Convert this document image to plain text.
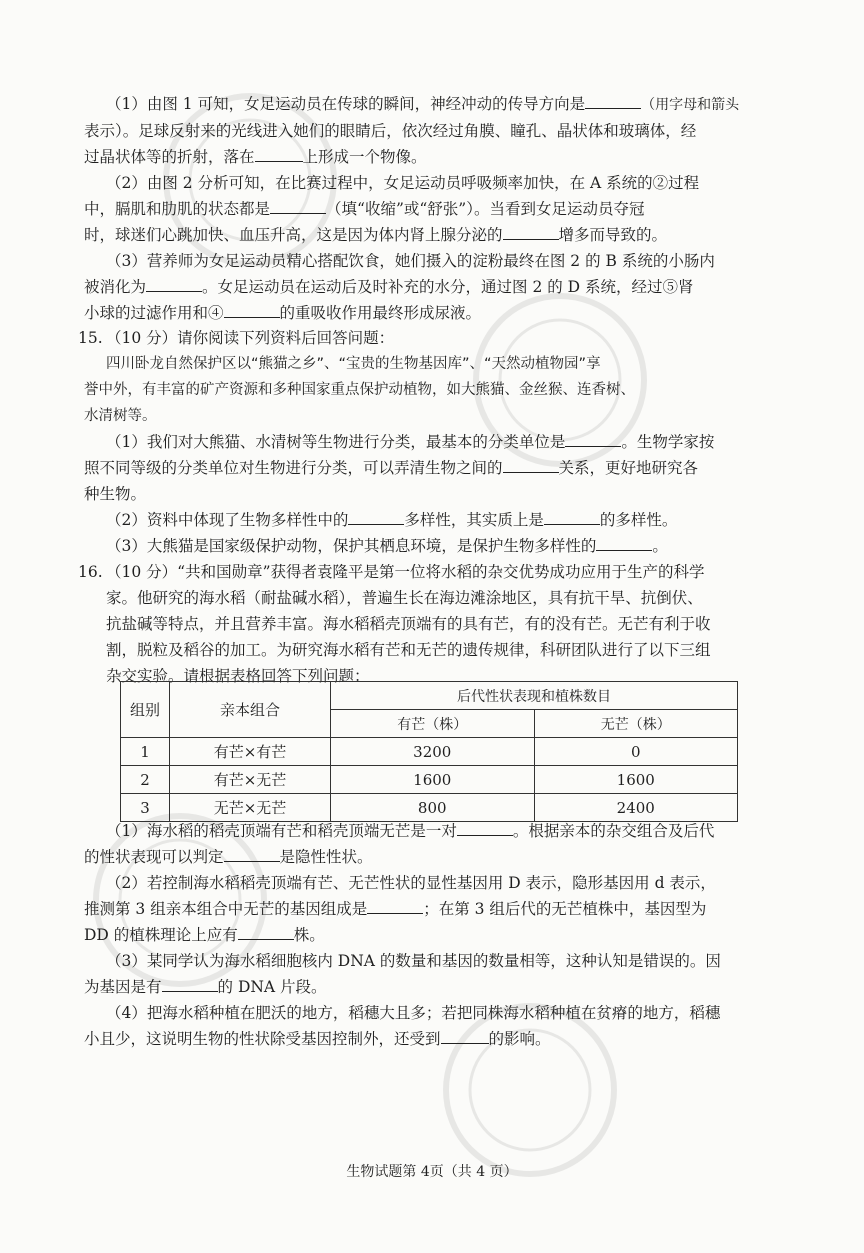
（1）由图 1 可知，女足运动员在传球的瞬间，神经冲动的传导方向是	（用字母和箭头
表示）。足球反射来的光线进入她们的眼睛后，依次经过角膜、瞳孔、晶状体和玻璃体，经
过晶状体等的折射，落在	上形成一个物像。
（2）由图 2 分析可知，在比赛过程中，女足运动员呼吸频率加快，在 A 系统的②过程
中，膈肌和肋肌的状态都是	（填“收缩”或“舒张”）。当看到女足运动员夺冠
时，球迷们心跳加快、血压升高，这是因为体内肾上腺分泌的	增多而导致的。
（3）营养师为女足运动员精心搭配饮食，她们摄入的淀粉最终在图 2 的 B 系统的小肠内
被消化为	。女足运动员在运动后及时补充的水分，通过图 2 的 D 系统，经过⑤肾
小球的过滤作用和④	的重吸收作用最终形成尿液。
15. （10 分）请你阅读下列资料后回答问题：
四川卧龙自然保护区以“熊猫之乡”、“宝贵的生物基因库”、“天然动植物园”享
誉中外，有丰富的矿产资源和多种国家重点保护动植物，如大熊猫、金丝猴、连香树、
水清树等。
（1）我们对大熊猫、水清树等生物进行分类，最基本的分类单位是	。生物学家按
照不同等级的分类单位对生物进行分类，可以弄清生物之间的	关系，更好地研究各
种生物。
（2）资料中体现了生物多样性中的	多样性，其实质上是	的多样性。
（3）大熊猫是国家级保护动物，保护其栖息环境，是保护生物多样性的	。
16. （10 分）“共和国勋章”获得者袁隆平是第一位将水稻的杂交优势成功应用于生产的科学
家。他研究的海水稻（耐盐碱水稻），普遍生长在海边滩涂地区，具有抗干旱、抗倒伏、
抗盐碱等特点，并且营养丰富。海水稻稻壳顶端有的具有芒，有的没有芒。无芒有利于收
割，脱粒及稻谷的加工。为研究海水稻有芒和无芒的遗传规律，科研团队进行了以下三组
杂交实验。请根据表格回答下列问题：
组别	亲本组合	后代性状表现和植株数目	
		有芒（株）	无芒（株）
1	有芒×有芒	3200	0
2	有芒×无芒	1600	1600
3	无芒×无芒	800	2400
（1）海水稻的稻壳顶端有芒和稻壳顶端无芒是一对	。根据亲本的杂交组合及后代
的性状表现可以判定	是隐性性状。
（2）若控制海水稻稻壳顶端有芒、无芒性状的显性基因用 D 表示，隐形基因用 d 表示，
推测第 3 组亲本组合中无芒的基因组成是	；在第 3 组后代的无芒植株中，基因型为
DD 的植株理论上应有	株。
（3）某同学认为海水稻细胞核内 DNA 的数量和基因的数量相等，这种认知是错误的。因
为基因是有	的 DNA 片段。
（4）把海水稻种植在肥沃的地方，稻穗大且多；若把同株海水稻种植在贫瘠的地方，稻穗
小且少，这说明生物的性状除受基因控制外，还受到	的影响。
生物试题第 4页（共 4 页）
